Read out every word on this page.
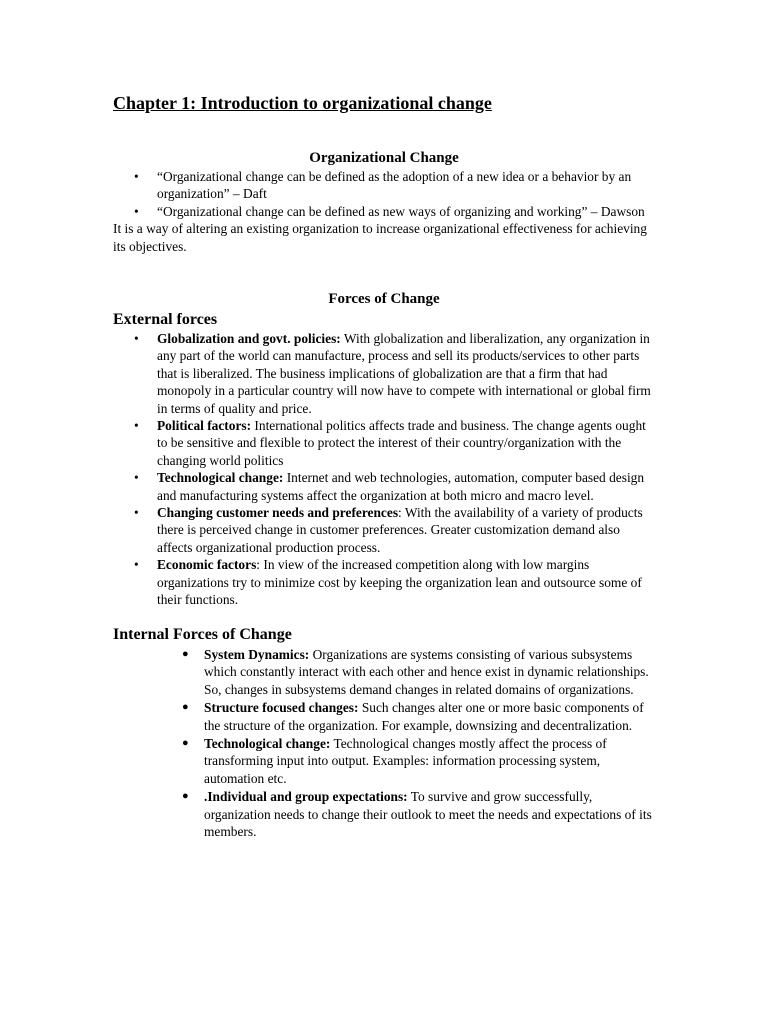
Chapter 1: Introduction to organizational change
Organizational Change
• “Organizational change can be defined as the adoption of a new idea or a behavior by an organization” – Daft
• “Organizational change can be defined as new ways of organizing and working” – Dawson

It is a way of altering an existing organization to increase organizational effectiveness for achieving its objectives.

Forces of Change
External forces
• Globalization and govt. policies: With globalization and liberalization, any organization in any part of the world can manufacture, process and sell its products/services to other parts that is liberalized. The business implications of globalization are that a firm that had monopoly in a particular country will now have to compete with international or global firm in terms of quality and price.
• Political factors: International politics affects trade and business. The change agents ought to be sensitive and flexible to protect the interest of their country/organization with the changing world politics
• Technological change: Internet and web technologies, automation, computer based design and manufacturing systems affect the organization at both micro and macro level.
• Changing customer needs and preferences: With the availability of a variety of products there is perceived change in customer preferences. Greater customization demand also affects organizational production process.
• Economic factors: In view of the increased competition along with low margins organizations try to minimize cost by keeping the organization lean and outsource some of their functions.
Internal Forces of Change
● System Dynamics: Organizations are systems consisting of various subsystems which constantly interact with each other and hence exist in dynamic relationships. So, changes in subsystems demand changes in related domains of organizations.
● Structure focused changes: Such changes alter one or more basic components of the structure of the organization. For example, downsizing and decentralization.
● Technological change: Technological changes mostly affect the process of transforming input into output. Examples: information processing system, automation etc.
● .Individual and group expectations: To survive and grow successfully, organization needs to change their outlook to meet the needs and expectations of its members.
